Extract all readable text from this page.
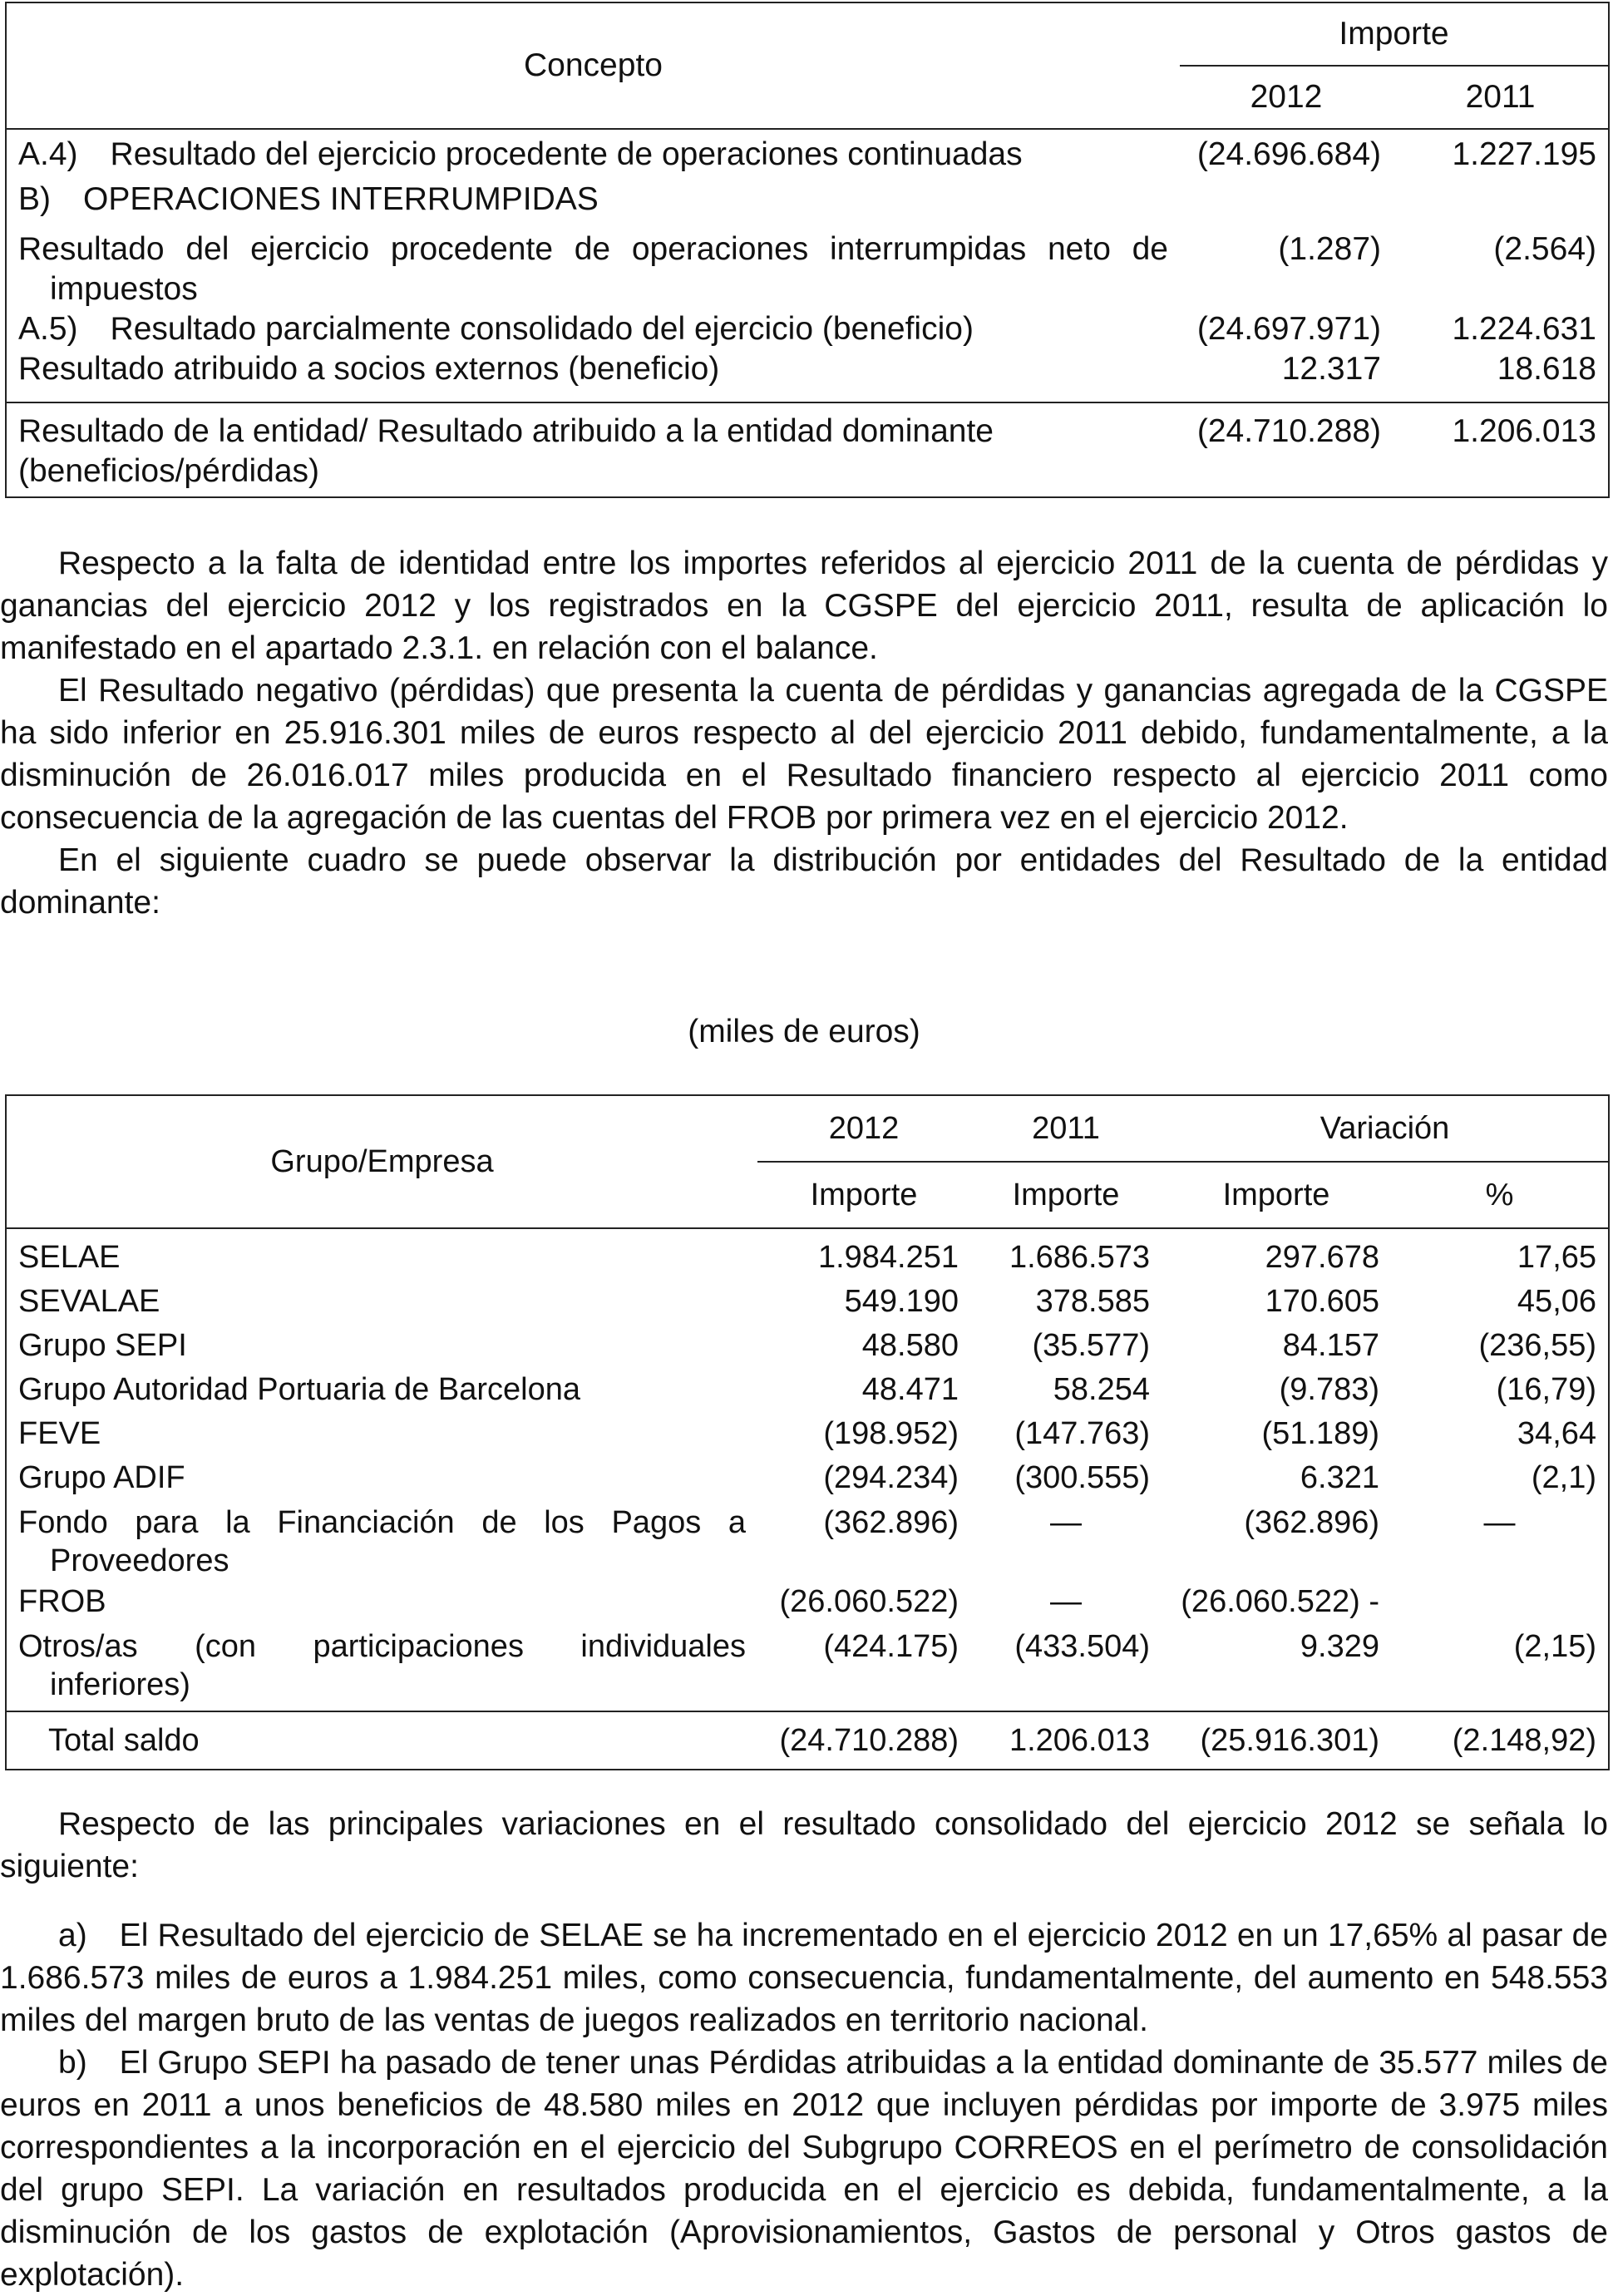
Concepto	Importe	
	2012	2011
A.4) Resultado del ejercicio procedente de operaciones continuadas	(24.696.684)	1.227.195
B) OPERACIONES INTERRUMPIDAS		
Resultado del ejercicio procedente de operaciones interrumpidas neto de impuestos	(1.287)	(2.564)
A.5) Resultado parcialmente consolidado del ejercicio (beneficio)	(24.697.971)	1.224.631
Resultado atribuido a socios externos (beneficio)	12.317	18.618
Resultado de la entidad/ Resultado atribuido a la entidad dominante (beneficios/pérdidas)	(24.710.288)	1.206.013

Respecto a la falta de identidad entre los importes referidos al ejercicio 2011 de la cuenta de pérdidas y ganancias del ejercicio 2012 y los registrados en la CGSPE del ejercicio 2011, resulta de aplicación lo manifestado en el apartado 2.3.1. en relación con el balance.

El Resultado negativo (pérdidas) que presenta la cuenta de pérdidas y ganancias agregada de la CGSPE ha sido inferior en 25.916.301 miles de euros respecto al del ejercicio 2011 debido, fundamentalmente, a la disminución de 26.016.017 miles producida en el Resultado financiero respecto al ejercicio 2011 como consecuencia de la agregación de las cuentas del FROB por primera vez en el ejercicio 2012.

En el siguiente cuadro se puede observar la distribución por entidades del Resultado de la entidad dominante:

(miles de euros)
Grupo/Empresa	2012	2011	Variación	
	Importe	Importe	Importe	%
SELAE	1.984.251	1.686.573	297.678	17,65
SEVALAE	549.190	378.585	170.605	45,06
Grupo SEPI	48.580	(35.577)	84.157	(236,55)
Grupo Autoridad Portuaria de Barcelona	48.471	58.254	(9.783)	(16,79)
FEVE	(198.952)	(147.763)	(51.189)	34,64
Grupo ADIF	(294.234)	(300.555)	6.321	(2,1)
Fondo para la Financiación de los Pagos a Proveedores	(362.896)	—	(362.896)	—
FROB	(26.060.522)	—	(26.060.522) -	
Otros/as (con participaciones individuales inferiores)	(424.175)	(433.504)	9.329	(2,15)
Total saldo	(24.710.288)	1.206.013	(25.916.301)	(2.148,92)

Respecto de las principales variaciones en el resultado consolidado del ejercicio 2012 se señala lo siguiente:

a) El Resultado del ejercicio de SELAE se ha incrementado en el ejercicio 2012 en un 17,65% al pasar de 1.686.573 miles de euros a 1.984.251 miles, como consecuencia, fundamentalmente, del aumento en 548.553 miles del margen bruto de las ventas de juegos realizados en territorio nacional.

b) El Grupo SEPI ha pasado de tener unas Pérdidas atribuidas a la entidad dominante de 35.577 miles de euros en 2011 a unos beneficios de 48.580 miles en 2012 que incluyen pérdidas por importe de 3.975 miles correspondientes a la incorporación en el ejercicio del Subgrupo CORREOS en el perímetro de consolidación del grupo SEPI. La variación en resultados producida en el ejercicio es debida, fundamentalmente, a la disminución de los gastos de explotación (Aprovisionamientos, Gastos de personal y Otros gastos de explotación).
